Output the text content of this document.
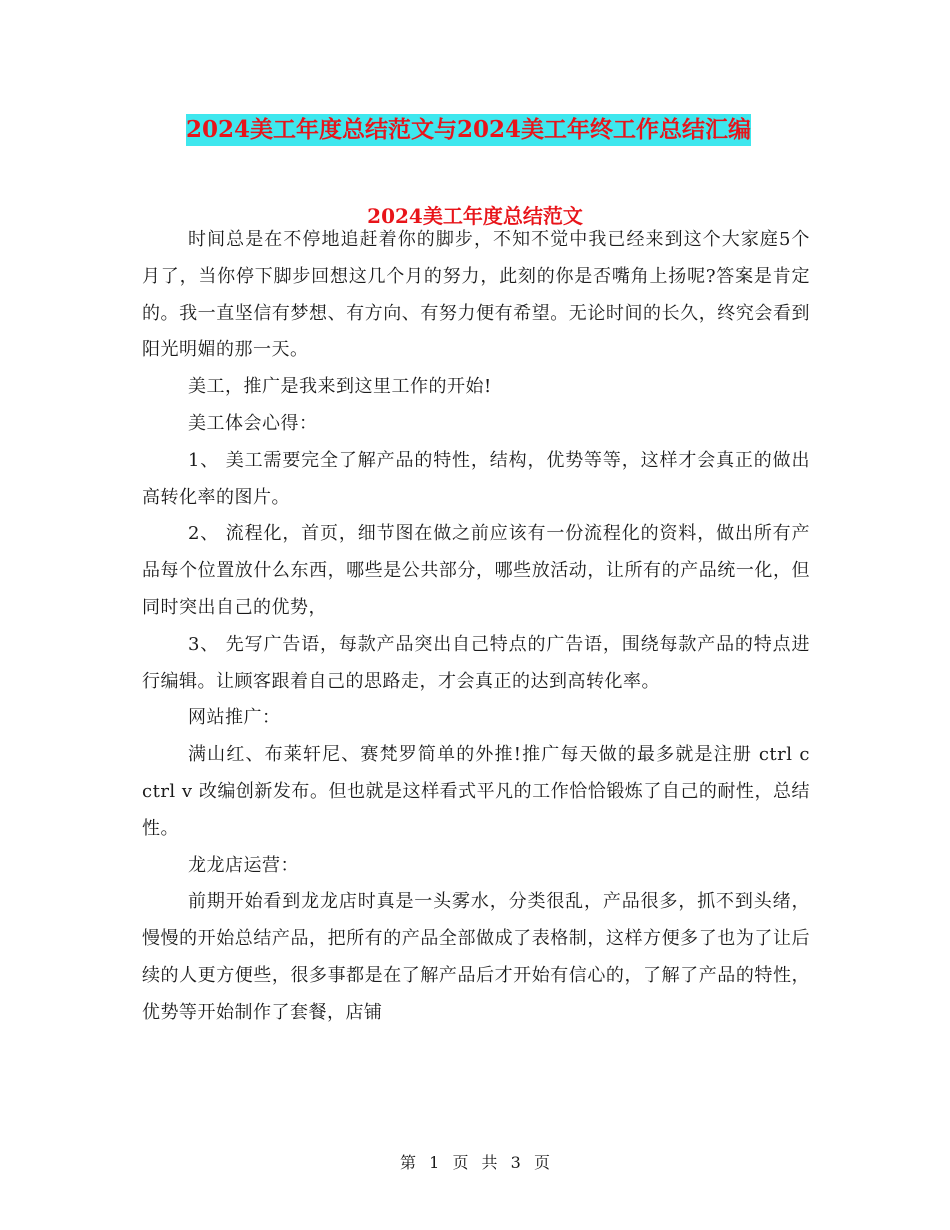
2024美工年度总结范文与2024美工年终工作总结汇编
2024美工年度总结范文

时间总是在不停地追赶着你的脚步，不知不觉中我已经来到这个大家庭5个月了，当你停下脚步回想这几个月的努力，此刻的你是否嘴角上扬呢?答案是肯定的。我一直坚信有梦想、有方向、有努力便有希望。无论时间的长久，终究会看到阳光明媚的那一天。

美工，推广是我来到这里工作的开始!

美工体会心得：

1、 美工需要完全了解产品的特性，结构，优势等等，这样才会真正的做出高转化率的图片。

2、 流程化，首页，细节图在做之前应该有一份流程化的资料，做出所有产品每个位置放什么东西，哪些是公共部分，哪些放活动，让所有的产品统一化，但同时突出自己的优势，

3、 先写广告语，每款产品突出自己特点的广告语，围绕每款产品的特点进行编辑。让顾客跟着自己的思路走，才会真正的达到高转化率。

网站推广：

满山红、布莱轩尼、赛梵罗简单的外推!推广每天做的最多就是注册 ctrl c ctrl v 改编创新发布。但也就是这样看式平凡的工作恰恰锻炼了自己的耐性，总结性。

龙龙店运营：

前期开始看到龙龙店时真是一头雾水，分类很乱，产品很多，抓不到头绪，慢慢的开始总结产品，把所有的产品全部做成了表格制，这样方便多了也为了让后续的人更方便些，很多事都是在了解产品后才开始有信心的，了解了产品的特性，优势等开始制作了套餐，店铺

第 1 页 共 3 页
